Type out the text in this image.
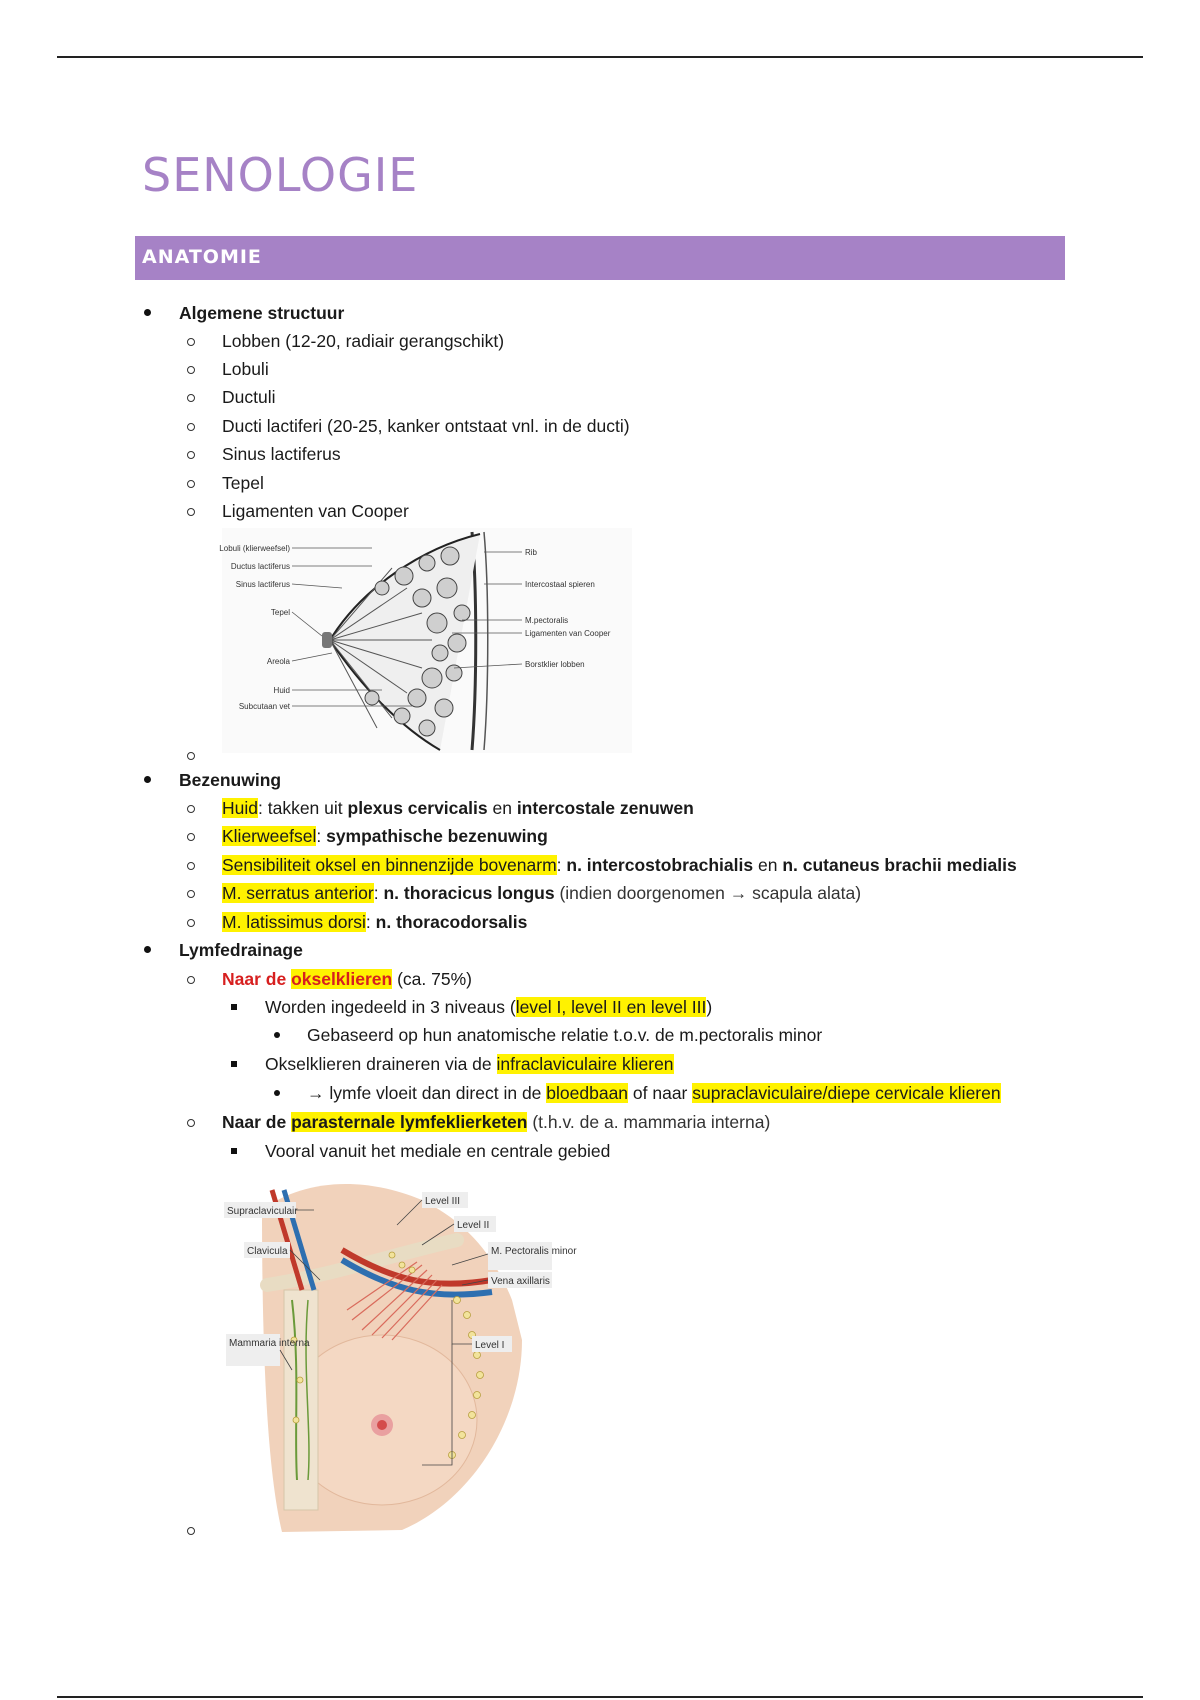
SENOLOGIE
ANATOMIE
Algemene structuur
Lobben (12-20, radiair gerangschikt)
Lobuli
Ductuli
Ducti lactiferi (20-25, kanker ontstaat vnl. in de ducti)
Sinus lactiferus
Tepel
Ligamenten van Cooper
Lobuli (klierweefsel)
Ductus lactiferus
Sinus lactiferus
Tepel
Areola
Huid
Subcutaan vet
Rib
Intercostaal spieren
M.pectoralis
Ligamenten van Cooper
Borstklier lobben
Bezenuwing
Huid: takken uit plexus cervicalis en intercostale zenuwen
Klierweefsel: sympathische bezenuwing
Sensibiliteit oksel en binnenzijde bovenarm: n. intercostobrachialis en n. cutaneus brachii medialis
M. serratus anterior: n. thoracicus longus (indien doorgenomen → scapula alata)
M. latissimus dorsi: n. thoracodorsalis
Lymfedrainage
Naar de okselklieren (ca. 75%)
Worden ingedeeld in 3 niveaus (level I, level II en level III)
Gebaseerd op hun anatomische relatie t.o.v. de m.pectoralis minor
Okselklieren draineren via de infraclaviculaire klieren
→ lymfe vloeit dan direct in de bloedbaan of naar supraclaviculaire/diepe cervicale klieren
Naar de parasternale lymfeklierketen (t.h.v. de a. mammaria interna)
Vooral vanuit het mediale en centrale gebied
Supraclaviculair
Clavicula
Mammaria interna
Level III
Level II
M. Pectoralis minor
Vena axillaris
Level I
